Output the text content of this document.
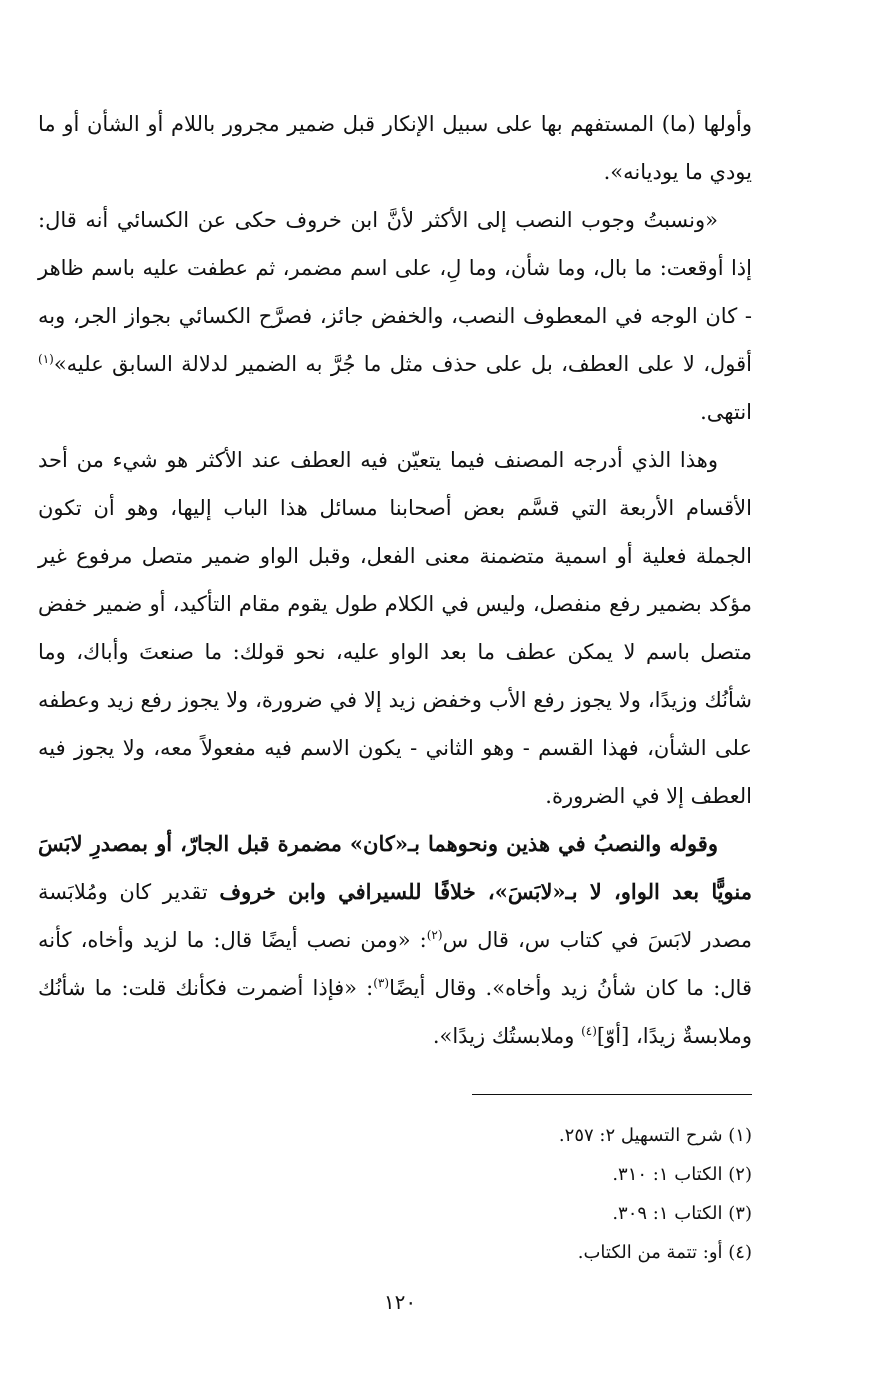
وأولها (ما) المستفهم بها على سبيل الإنكار قبل ضمير مجرور باللام أو الشأن أو ما يودي ما يوديانه».

«ونسبتُ وجوب النصب إلى الأكثر لأنَّ ابن خروف حكى عن الكسائي أنه قال: إذا أوقعت: ما بال، وما شأن، وما لِ، على اسم مضمر، ثم عطفت عليه باسم ظاهر - كان الوجه في المعطوف النصب، والخفض جائز، فصرَّح الكسائي بجواز الجر، وبه أقول، لا على العطف، بل على حذف مثل ما جُرَّ به الضمير لدلالة السابق عليه»$^{(١)}$ انتهى.

وهذا الذي أدرجه المصنف فيما يتعيّن فيه العطف عند الأكثر هو شيء من أحد الأقسام الأربعة التي قسَّم بعض أصحابنا مسائل هذا الباب إليها، وهو أن تكون الجملة فعلية أو اسمية متضمنة معنى الفعل، وقبل الواو ضمير متصل مرفوع غير مؤكد بضمير رفع منفصل، وليس في الكلام طول يقوم مقام التأكيد، أو ضمير خفض متصل باسم لا يمكن عطف ما بعد الواو عليه، نحو قولك: ما صنعتَ وأباك، وما شأنُك وزيدًا، ولا يجوز رفع الأب وخفض زيد إلا في ضرورة، ولا يجوز رفع زيد وعطفه على الشأن، فهذا القسم - وهو الثاني - يكون الاسم فيه مفعولاً معه، ولا يجوز فيه العطف إلا في الضرورة.

وقوله والنصبُ في هذين ونحوهما بـ«كان» مضمرة قبل الجارّ، أو بمصدرِ لابَسَ منويًّا بعد الواو، لا بـ«لابَسَ»، خلافًا للسيرافي وابن خروف تقدير كان ومُلابَسة مصدر لابَسَ في كتاب س، قال س$^{(٢)}$: «ومن نصب أيضًا قال: ما لزيد وأخاه، كأنه قال: ما كان شأنُ زيد وأخاه». وقال أيضًا$^{(٣)}$: «فإذا أضمرت فكأنك قلت: ما شأنُك وملابسةٌ زيدًا، [أوّ]$^{(٤)}$ وملابستُك زيدًا».

(١) شرح التسهيل ٢: ٢٥٧.

(٢) الكتاب ١: ٣١٠.

(٣) الكتاب ١: ٣٠٩.

(٤) أو: تتمة من الكتاب.

١٢٠
